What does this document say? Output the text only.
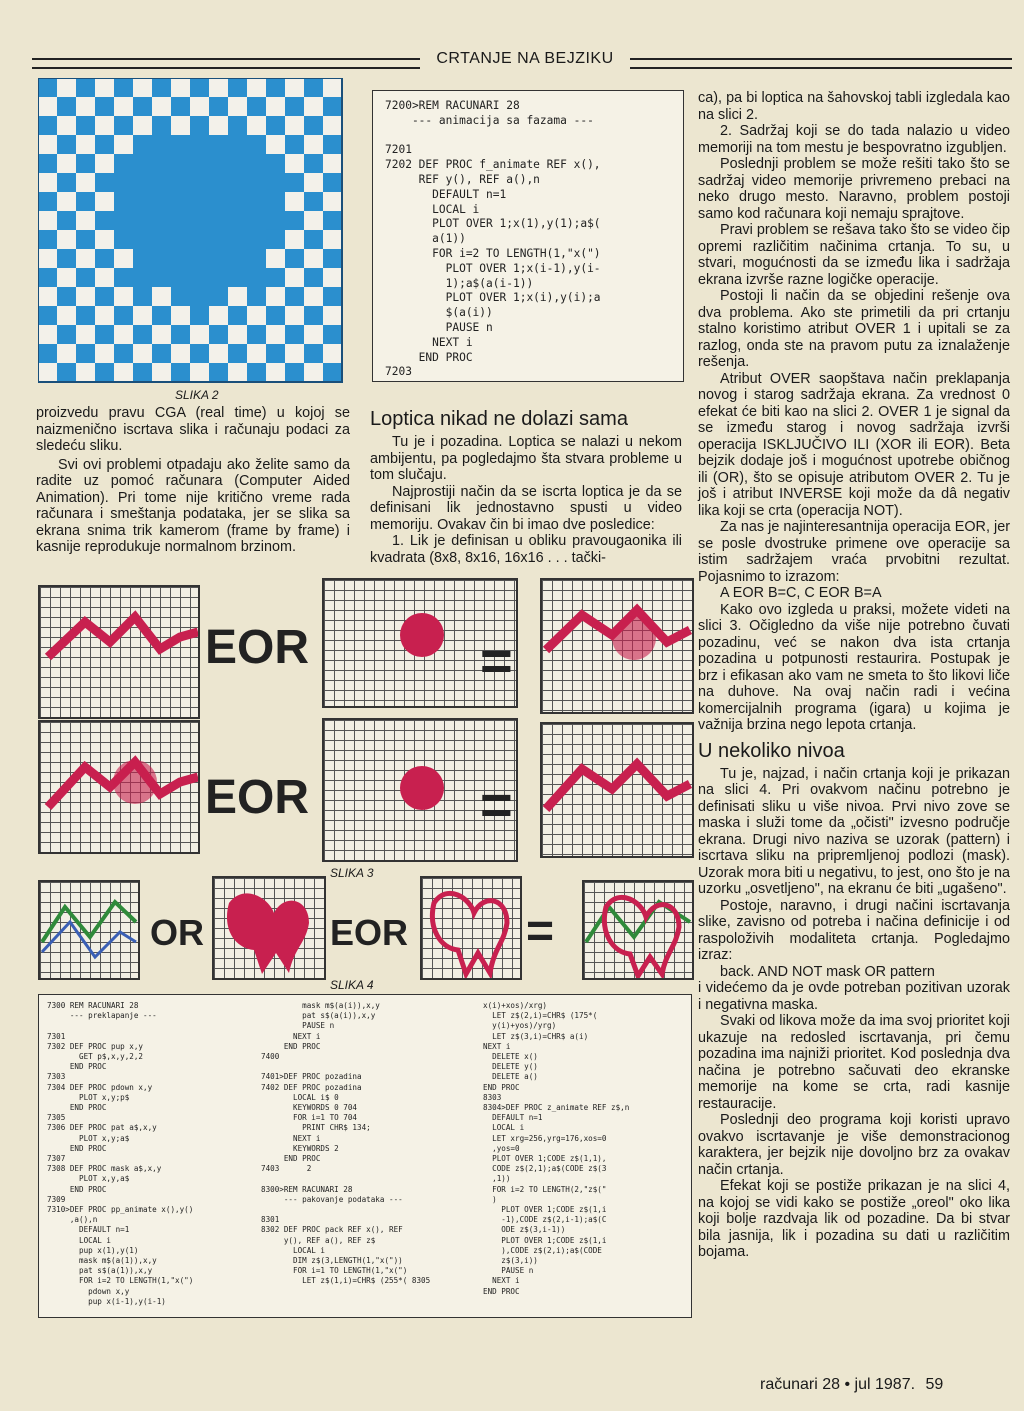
CRTANJE NA BEJZIKU
SLIKA 2
7200>REM RACUNARI 28
--- animacija sa fazama ---

7201
7202 DEF PROC f_animate REF x(),
REF y(), REF a(),n
DEFAULT n=1
LOCAL i
PLOT OVER 1;x(1),y(1);a$(
a(1))
FOR i=2 TO LENGTH(1,"x(")
PLOT OVER 1;x(i-1),y(i-
1);a$(a(i-1))
PLOT OVER 1;x(i),y(i);a
$(a(i))
PAUSE n
NEXT i
END PROC
7203

proizvedu pravu CGA (real time) u kojoj se naizmenično iscrtava slika i računaju podaci za sledeću sliku.

Svi ovi problemi otpadaju ako želite samo da radite uz pomoć računara (Computer Aided Animation). Pri tome nije kritično vreme rada računara i smeštanja podataka, jer se slika sa ekrana snima trik kamerom (frame by frame) i kasnije reprodukuje normalnom brzinom.

Loptica nikad ne dolazi sama

Tu je i pozadina. Loptica se nalazi u nekom ambijentu, pa pogledajmo šta stvara probleme u tom slučaju.

Najprostiji način da se iscrta loptica je da se definisani lik jednostavno spusti u video memoriju. Ovakav čin bi imao dve posledice:

1. Lik je definisan u obliku pravougaonika ili kvadrata (8x8, 8x16, 16x16 . . . tački-

ca), pa bi loptica na šahovskoj tabli izgledala kao na slici 2.

2. Sadržaj koji se do tada nalazio u video memoriji na tom mestu je bespovratno izgubljen.

Poslednji problem se može rešiti tako što se sadržaj video memorije privremeno prebaci na neko drugo mesto. Naravno, problem postoji samo kod računara koji nemaju sprajtove.

Pravi problem se rešava tako što se video čip opremi različitim načinima crtanja. To su, u stvari, mogućnosti da se između lika i sadržaja ekrana izvrše razne logičke operacije.

Postoji li način da se objedini rešenje ova dva problema. Ako ste primetili da pri crtanju stalno koristimo atribut OVER 1 i upitali se za razlog, onda ste na pravom putu za iznalaženje rešenja.

Atribut OVER saopštava način preklapanja novog i starog sadržaja ekrana. Za vrednost 0 efekat će biti kao na slici 2. OVER 1 je signal da se između starog i novog sadržaja izvrši operacija ISKLJUČIVO ILI (XOR ili EOR). Beta bejzik dodaje još i mogućnost upotrebe običnog ili (OR), što se opisuje atributom OVER 2. Tu je još i atribut INVERSE koji može da dâ negativ lika koji se crta (operacija NOT).

Za nas je najinteresantnija operacija EOR, jer se posle dvostruke primene ove operacije sa istim sadržajem vraća prvobitni rezultat. Pojasnimo to izrazom:

A EOR B=C, C EOR B=A

Kako ovo izgleda u praksi, možete videti na slici 3. Očigledno da više nije potrebno čuvati pozadinu, već se nakon dva ista crtanja pozadina u potpunosti restaurira. Postupak je brz i efikasan ako vam ne smeta to što likovi liče na duhove. Na ovaj način radi i većina komercijalnih programa (igara) u kojima je važnija brzina nego lepota crtanja.

U nekoliko nivoa

Tu je, najzad, i način crtanja koji je prikazan na slici 4. Pri ovakvom načinu potrebno je definisati sliku u više nivoa. Prvi nivo zove se maska i služi tome da „očisti" izvesno područje ekrana. Drugi nivo naziva se uzorak (pattern) i iscrtava sliku na pripremljenoj podlozi (mask). Uzorak mora biti u negativu, to jest, ono što je na uzorku „osvetljeno", na ekranu će biti „ugašeno".

Postoje, naravno, i drugi načini iscrtavanja slike, zavisno od potreba i načina definicije i od raspoloživih modaliteta crtanja. Pogledajmo izraz:

back. AND NOT mask OR pattern

i videćemo da je ovde potreban pozitivan uzorak i negativna maska.

Svaki od likova može da ima svoj prioritet koji ukazuje na redosled iscrtavanja, pri čemu pozadina ima najniži prioritet. Kod poslednja dva načina je potrebno sačuvati deo ekranske memorije na kome se crta, radi kasnije restauracije.

Poslednji deo programa koji koristi upravo ovakvo iscrtavanje je više demonstracionog karaktera, jer bejzik nije dovoljno brz za ovakav način crtanja.

Efekat koji se postiže prikazan je na slici 4, na kojoj se vidi kako se postiže „oreol" oko lika koji bolje razdvaja lik od pozadine. Da bi stvar bila jasnija, lik i pozadina su dati u različitim bojama.

EOR	=
EOR	=
SLIKA 3
OR	EOR =
SLIKA 4
7300 REM RACUNARI 28
--- preklapanje ---

7301
7302 DEF PROC pup x,y
GET p$,x,y,2,2
END PROC
7303
7304 DEF PROC pdown x,y
PLOT x,y;p$
END PROC
7305
7306 DEF PROC pat a$,x,y
PLOT x,y;a$
END PROC
7307
7308 DEF PROC mask a$,x,y
PLOT x,y,a$
END PROC
7309
7310>DEF PROC pp_animate x(),y()
,a(),n
DEFAULT n=1
LOCAL i
pup x(1),y(1)
mask m$(a(1)),x,y
pat s$(a(1)),x,y
FOR i=2 TO LENGTH(1,"x(")
pdown x,y
pup x(i-1),y(i-1)
mask m$(a(i)),x,y
pat s$(a(i)),x,y
PAUSE n
NEXT i
END PROC
7400

7401>DEF PROC pozadina
7402 DEF PROC pozadina
LOCAL i$ 0
KEYWORDS 0 704
FOR i=1 TO 704
PRINT CHR$ 134;
NEXT i
KEYWORDS 2
END PROC
7403      2

8300>REM RACUNARI 28
--- pakovanje podataka ---

8301
8302 DEF PROC pack REF x(), REF
y(), REF a(), REF z$
LOCAL i
DIM z$(3,LENGTH(1,"x("))
FOR i=1 TO LENGTH(1,"x(")
LET z$(1,i)=CHR$ (255*( 8305
x(i)+xos)/xrg)
LET z$(2,i)=CHR$ (175*(
y(i)+yos)/yrg)
LET z$(3,i)=CHR$ a(i)
NEXT i
DELETE x()
DELETE y()
DELETE a()
END PROC
8303
8304>DEF PROC z_animate REF z$,n
DEFAULT n=1
LOCAL i
LET xrg=256,yrg=176,xos=0
,yos=0
PLOT OVER 1;CODE z$(1,1),
CODE z$(2,1);a$(CODE z$(3
,1))
FOR i=2 TO LENGTH(2,"z$("
)
PLOT OVER 1;CODE z$(1,i
-1),CODE z$(2,i-1);a$(C
ODE z$(3,i-1))
PLOT OVER 1;CODE z$(1,i
),CODE z$(2,i);a$(CODE
z$(3,i))
PAUSE n
NEXT i
END PROC
računari 28 • jul 1987. 59
